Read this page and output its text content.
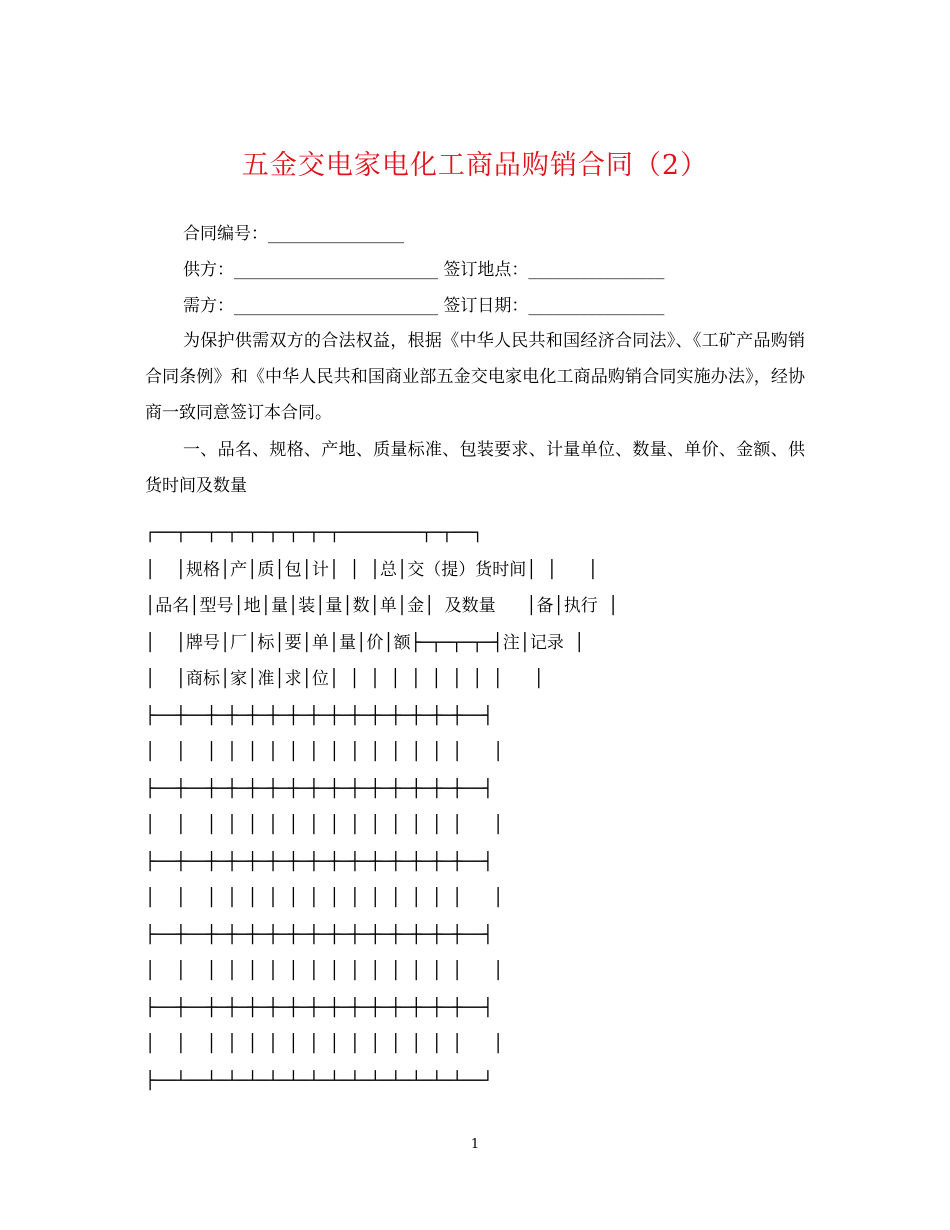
五金交电家电化工商品购销合同（2）
合同编号：________________
供方：________________________ 签订地点：________________
需方：________________________ 签订日期：________________
为保护供需双方的合法权益，根据《中华人民共和国经济合同法》、《工矿产品购销合同条例》和《中华人民共和国商业部五金交电家电化工商品购销合同实施办法》，经协商一致同意签订本合同。
一、品名、规格、产地、质量标准、包装要求、计量单位、数量、单价、金额、供货时间及数量
┌──┬──┬─┬─┬─┬─┬─┬─┬────────┬─┬──┐
│  │规格│产│质│包│计│ │ │总│交（提）货时间│ │   │
│品名│型号│地│量│装│量│数│单│金│ 及数量   │备│执行 │
│  │牌号│厂│标│要│单│量│价│额├─┬─┬─┬─┤注│记录 │
│  │商标│家│准│求│位│ │ │ │ │ │ │ │ │   │
├──┼──┼─┼─┼─┼─┼─┼─┼─┼─┼─┼─┼─┼─┼──┤
│  │  │ │ │ │ │ │ │ │ │ │ │ │ │   │
├──┼──┼─┼─┼─┼─┼─┼─┼─┼─┼─┼─┼─┼─┼──┤
│  │  │ │ │ │ │ │ │ │ │ │ │ │ │   │
├──┼──┼─┼─┼─┼─┼─┼─┼─┼─┼─┼─┼─┼─┼──┤
│  │  │ │ │ │ │ │ │ │ │ │ │ │ │   │
├──┼──┼─┼─┼─┼─┼─┼─┼─┼─┼─┼─┼─┼─┼──┤
│  │  │ │ │ │ │ │ │ │ │ │ │ │ │   │
├──┼──┼─┼─┼─┼─┼─┼─┼─┼─┼─┼─┼─┼─┼──┤
│  │  │ │ │ │ │ │ │ │ │ │ │ │ │   │
├──┴──┴─┴─┴─┴─┴─┴─┴─┴─┴─┴─┴─┴─┴──┘
1
